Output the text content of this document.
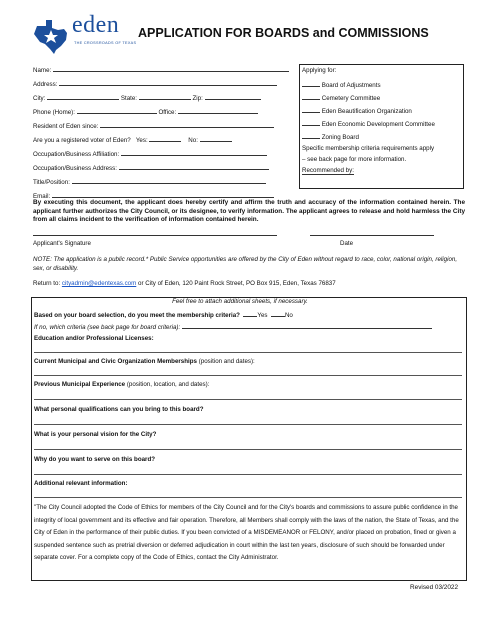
eden
THE CROSSROADS OF TEXAS
APPLICATION FOR BOARDS and COMMISSIONS
Name:
Address:
City:	State:	Zip:
Phone (Home):	Office:
Resident of Eden since:
Are you a registered voter of Eden? Yes:	No:
Occupation/Business Affiliation:
Occupation/Business Address:
Title/Position:
Email:
Applying for:
Board of Adjustments
Cemetery Committee
Eden Beautification Organization
Eden Economic Development Committee
Zoning Board
Specific membership criteria requirements apply
– see back page for more information.
Recommended by:
By executing this document, the applicant does hereby certify and affirm the truth and accuracy of the information contained herein. The applicant further authorizes the City Council, or its designee, to verify information. The applicant agrees to release and hold harmless the City from all claims incident to the verification of information contained herein.
Applicant's Signature	Date
NOTE: The application is a public record.* Public Service opportunities are offered by the City of Eden without regard to race, color, national origin, religion, sex, or disability.
Return to: cityadmin@edentexas.com or City of Eden, 120 Paint Rock Street, PO Box 915, Eden, Texas 76837
Feel free to attach additional sheets, if necessary.
Based on your board selection, do you meet the membership criteria?	Yes	No
If no, which criteria (see back page for board criteria):
Education and/or Professional Licenses:
Current Municipal and Civic Organization Memberships (position and dates):
Previous Municipal Experience (position, location, and dates):
What personal qualifications can you bring to this board?
What is your personal vision for the City?
Why do you want to serve on this board?
Additional relevant information:
"The City Council adopted the Code of Ethics for members of the City Council and for the City's boards and commissions to assure public confidence in the integrity of local government and its effective and fair operation. Therefore, all Members shall comply with the laws of the nation, the State of Texas, and the City of Eden in the performance of their public duties. If you been convicted of a MISDEMEANOR or FELONY, and/or placed on probation, fined or given a suspended sentence such as pretrial diversion or deferred adjudication in court within the last ten years, disclosure of such should be forwarded under separate cover. For a complete copy of the Code of Ethics, contact the City Administrator.
Revised 03/2022
